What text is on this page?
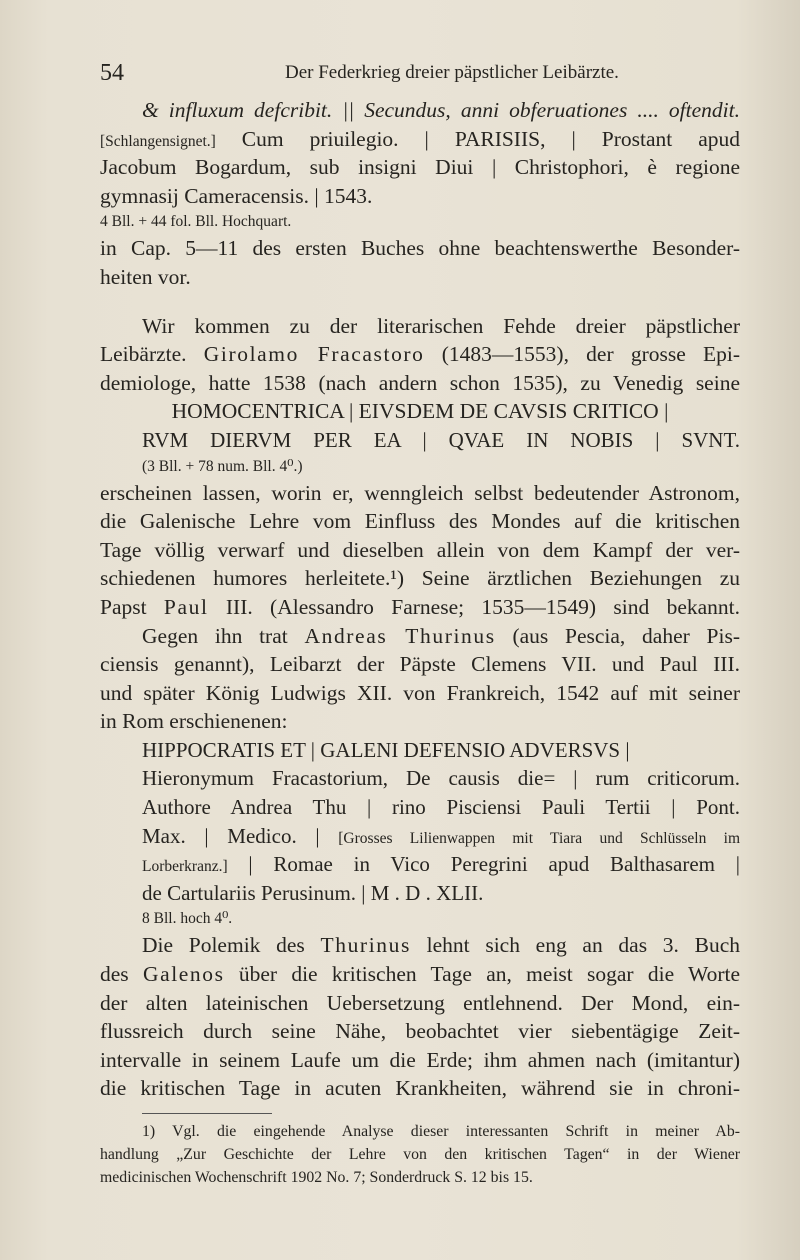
54	Der Federkrieg dreier päpstlicher Leibärzte.
& influxum defcribit. || Secundus, anni obferuationes .... oftendit.
[Schlangensignet.] Cum priuilegio. | PARISIIS, | Prostant apud
Jacobum Bogardum, sub insigni Diui | Christophori, è regione
gymnasij Cameracensis. | 1543.
4 Bll. + 44 fol. Bll. Hochquart.
in Cap. 5—11 des ersten Buches ohne beachtenswerthe Besonder-
heiten vor.
Wir kommen zu der literarischen Fehde dreier päpstlicher
Leibärzte. Girolamo Fracastoro (1483—1553), der grosse Epi-
demiologe, hatte 1538 (nach andern schon 1535), zu Venedig seine
HOMOCENTRICA | EIVSDEM DE CAVSIS CRITICO |
RVM DIERVM PER EA | QVAE IN NOBIS | SVNT.
(3 Bll. + 78 num. Bll. 4⁰.)
erscheinen lassen, worin er, wenngleich selbst bedeutender Astronom,
die Galenische Lehre vom Einfluss des Mondes auf die kritischen
Tage völlig verwarf und dieselben allein von dem Kampf der ver-
schiedenen humores herleitete.¹) Seine ärztlichen Beziehungen zu
Papst Paul III. (Alessandro Farnese; 1535—1549) sind bekannt.
Gegen ihn trat Andreas Thurinus (aus Pescia, daher Pis-
ciensis genannt), Leibarzt der Päpste Clemens VII. und Paul III.
und später König Ludwigs XII. von Frankreich, 1542 auf mit seiner
in Rom erschienenen:
HIPPOCRATIS ET | GALENI DEFENSIO ADVERSVS |
Hieronymum Fracastorium, De causis die= | rum criticorum.
Authore Andrea Thu | rino Pisciensi Pauli Tertii | Pont.
Max. | Medico. | [Grosses Lilienwappen mit Tiara und Schlüsseln im
Lorberkranz.] | Romae in Vico Peregrini apud Balthasarem |
de Cartulariis Perusinum. | M . D . XLII.
8 Bll. hoch 4⁰.
Die Polemik des Thurinus lehnt sich eng an das 3. Buch
des Galenos über die kritischen Tage an, meist sogar die Worte
der alten lateinischen Uebersetzung entlehnend. Der Mond, ein-
flussreich durch seine Nähe, beobachtet vier siebentägige Zeit-
intervalle in seinem Laufe um die Erde; ihm ahmen nach (imitantur)
die kritischen Tage in acuten Krankheiten, während sie in chroni-
1) Vgl. die eingehende Analyse dieser interessanten Schrift in meiner Ab-
handlung „Zur Geschichte der Lehre von den kritischen Tagen“ in der Wiener
medicinischen Wochenschrift 1902 No. 7; Sonderdruck S. 12 bis 15.
